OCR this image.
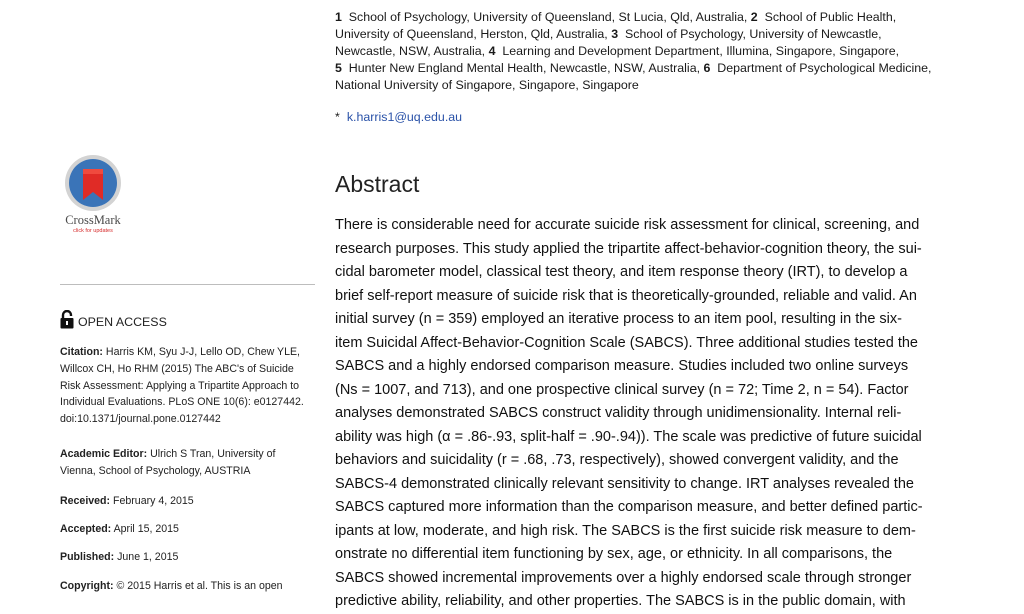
1 School of Psychology, University of Queensland, St Lucia, Qld, Australia, 2 School of Public Health,

University of Queensland, Herston, Qld, Australia, 3 School of Psychology, University of Newcastle,

Newcastle, NSW, Australia, 4 Learning and Development Department, Illumina, Singapore, Singapore,

5 Hunter New England Mental Health, Newcastle, NSW, Australia, 6 Department of Psychological Medicine,

National University of Singapore, Singapore, Singapore

* k.harris1@uq.edu.au
CrossMark
click for updates
OPEN ACCESS
Citation: Harris KM, Syu J-J, Lello OD, Chew YLE,
Willcox CH, Ho RHM (2015) The ABC's of Suicide
Risk Assessment: Applying a Tripartite Approach to
Individual Evaluations. PLoS ONE 10(6): e0127442.
doi:10.1371/journal.pone.0127442
Academic Editor: Ulrich S Tran, University of
Vienna, School of Psychology, AUSTRIA
Received: February 4, 2015
Accepted: April 15, 2015
Published: June 1, 2015
Copyright: © 2015 Harris et al. This is an open
Abstract
There is considerable need for accurate suicide risk assessment for clinical, screening, and
research purposes. This study applied the tripartite affect-behavior-cognition theory, the sui-
cidal barometer model, classical test theory, and item response theory (IRT), to develop a
brief self-report measure of suicide risk that is theoretically-grounded, reliable and valid. An
initial survey (n = 359) employed an iterative process to an item pool, resulting in the six-
item Suicidal Affect-Behavior-Cognition Scale (SABCS). Three additional studies tested the
SABCS and a highly endorsed comparison measure. Studies included two online surveys
(Ns = 1007, and 713), and one prospective clinical survey (n = 72; Time 2, n = 54). Factor
analyses demonstrated SABCS construct validity through unidimensionality. Internal reli-
ability was high (α = .86-.93, split-half = .90-.94)). The scale was predictive of future suicidal
behaviors and suicidality (r = .68, .73, respectively), showed convergent validity, and the
SABCS-4 demonstrated clinically relevant sensitivity to change. IRT analyses revealed the
SABCS captured more information than the comparison measure, and better defined partic-
ipants at low, moderate, and high risk. The SABCS is the first suicide risk measure to dem-
onstrate no differential item functioning by sex, age, or ethnicity. In all comparisons, the
SABCS showed incremental improvements over a highly endorsed scale through stronger
predictive ability, reliability, and other properties. The SABCS is in the public domain, with
